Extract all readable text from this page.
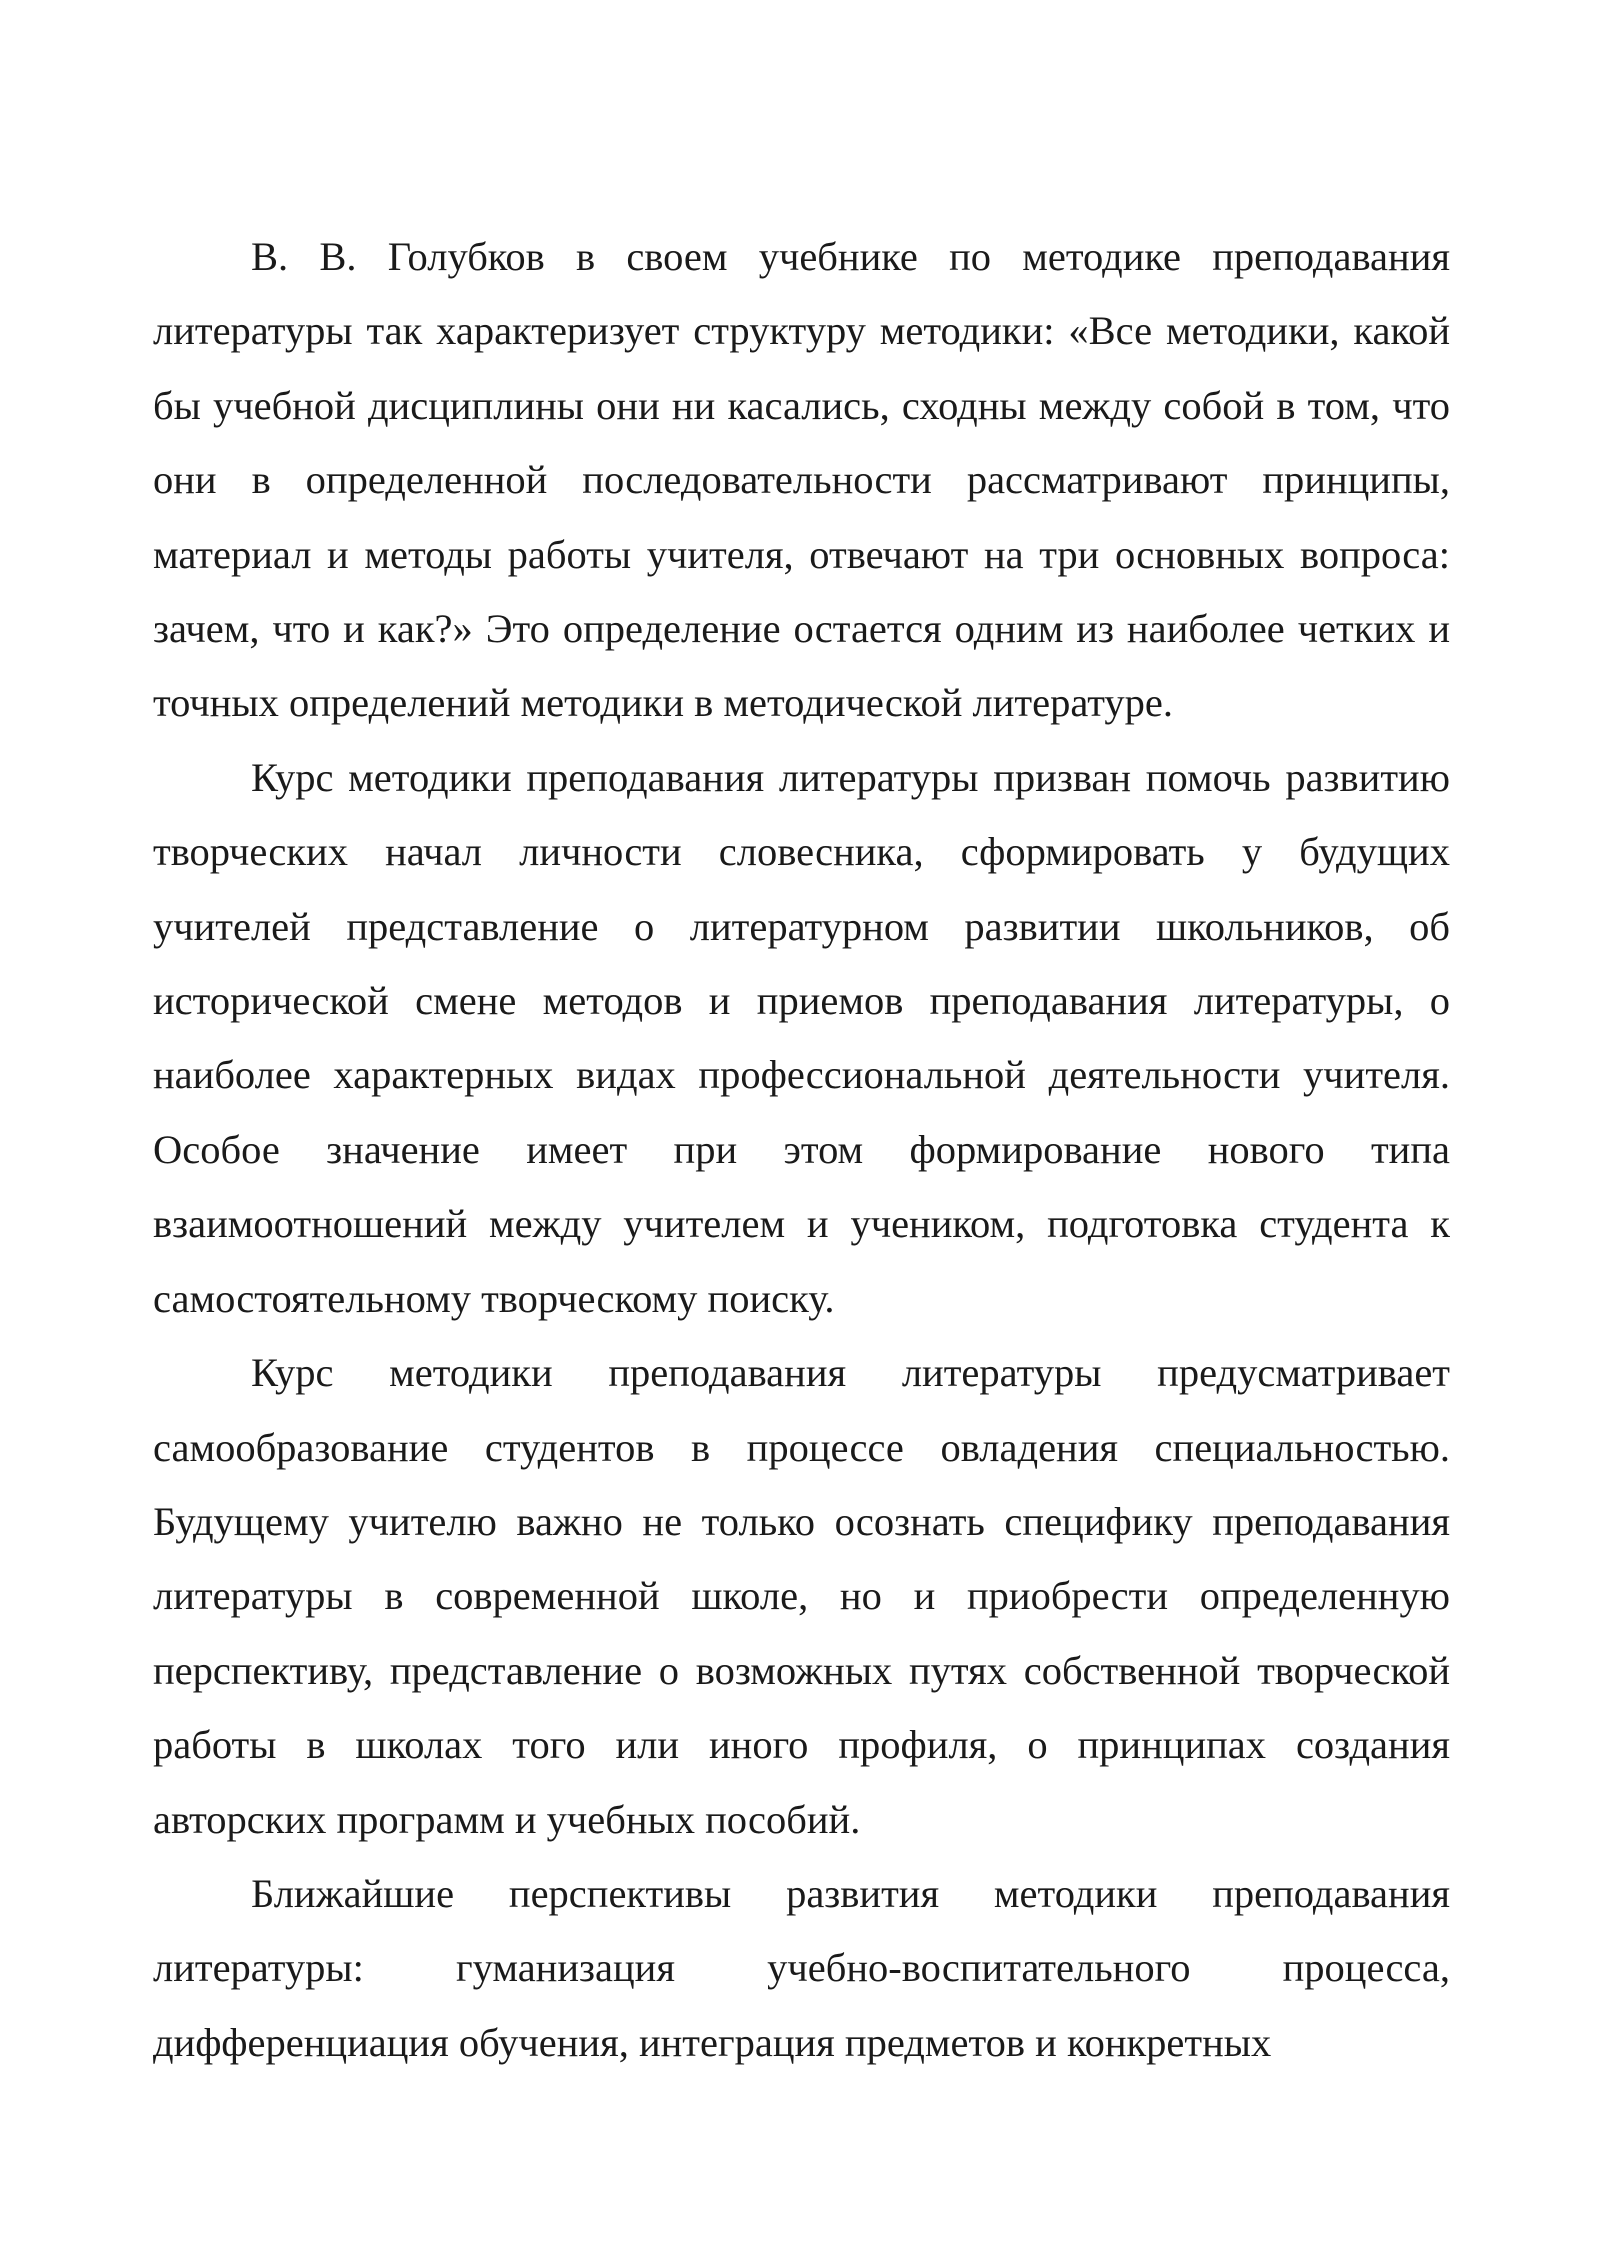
В. В. Голубков в своем учебнике по методике преподавания литературы так характеризует структуру методики: «Все методики, какой бы учебной дисциплины они ни касались, сходны между собой в том, что они в определенной последовательности рассматривают принципы, материал и методы работы учителя, отвечают на три основных вопроса: зачем, что и как?» Это определение остается одним из наиболее четких и точных определений методики в методической литературе.

Курс методики преподавания литературы призван помочь развитию творческих начал личности словесника, сформировать у будущих учителей представление о литературном развитии школьников, об исторической смене методов и приемов преподавания литературы, о наиболее характерных видах профессиональной деятельности учителя. Особое значение имеет при этом формирование нового типа взаимоотношений между учителем и учеником, подготовка студента к самостоятельному творческому поиску.

Курс методики преподавания литературы предусматривает самообразование студентов в процессе овладения специальностью. Будущему учителю важно не только осознать специфику преподавания литературы в современной школе, но и приобрести определенную перспективу, представление о возможных путях собственной творческой работы в школах того или иного профиля, о принципах создания авторских программ и учебных пособий.

Ближайшие перспективы развития методики преподавания литературы: гуманизация учебно-воспитательного процесса, дифференциация обучения, интеграция предметов и конкретных
